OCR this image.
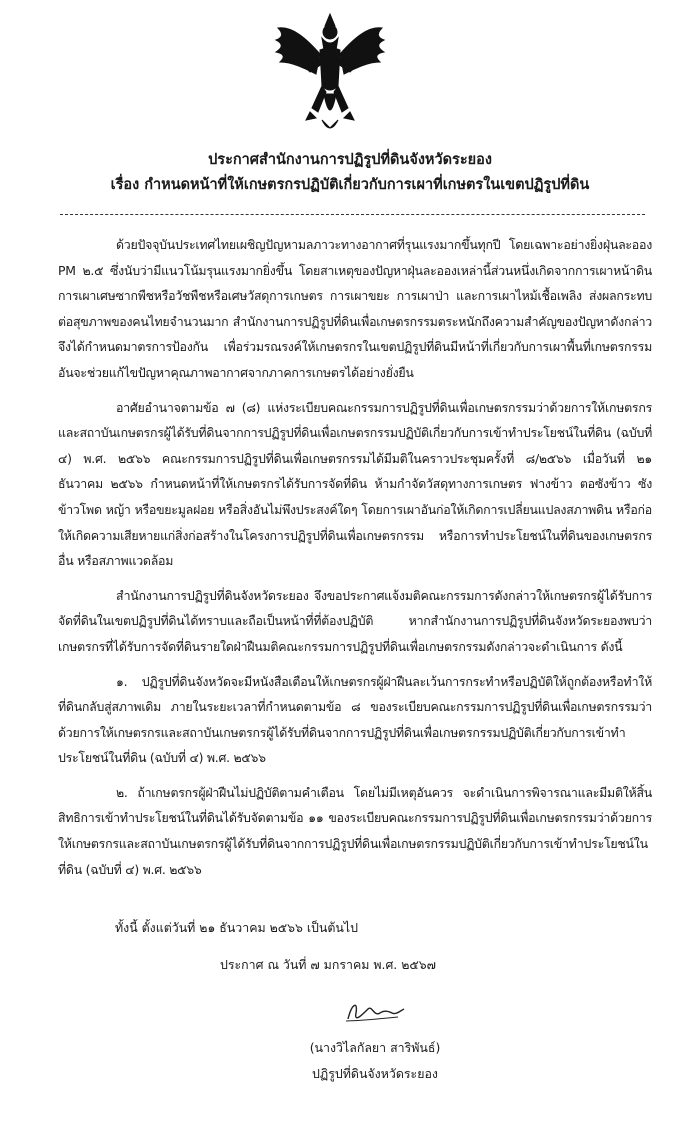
ประกาศสำนักงานการปฏิรูปที่ดินจังหวัดระยอง
เรื่อง กำหนดหน้าที่ให้เกษตรกรปฏิบัติเกี่ยวกับการเผาที่เกษตรในเขตปฏิรูปที่ดิน

ด้วยปัจจุบันประเทศไทยเผชิญปัญหามลภาวะทางอากาศที่รุนแรงมากขึ้นทุกปี โดยเฉพาะอย่างยิ่งฝุ่นละออง PM ๒.๕ ซึ่งนับว่ามีแนวโน้มรุนแรงมากยิ่งขึ้น โดยสาเหตุของปัญหาฝุ่นละอองเหล่านี้ส่วนหนึ่งเกิดจากการเผาหน้าดิน การเผาเศษซากพืชหรือวัชพืชหรือเศษวัสดุการเกษตร การเผาขยะ การเผาป่า และการเผาไหม้เชื้อเพลิง ส่งผลกระทบต่อสุขภาพของคนไทยจำนวนมาก สำนักงานการปฏิรูปที่ดินเพื่อเกษตรกรรมตระหนักถึงความสำคัญของปัญหาดังกล่าว จึงได้กำหนดมาตรการป้องกัน เพื่อร่วมรณรงค์ให้เกษตรกรในเขตปฏิรูปที่ดินมีหน้าที่เกี่ยวกับการเผาพื้นที่เกษตรกรรม อันจะช่วยแก้ไขปัญหาคุณภาพอากาศจากภาคการเกษตรได้อย่างยั่งยืน

อาศัยอำนาจตามข้อ ๗ (๘) แห่งระเบียบคณะกรรมการปฏิรูปที่ดินเพื่อเกษตรกรรมว่าด้วยการให้เกษตรกรและสถาบันเกษตรกรผู้ได้รับที่ดินจากการปฏิรูปที่ดินเพื่อเกษตรกรรมปฏิบัติเกี่ยวกับการเข้าทำประโยชน์ในที่ดิน (ฉบับที่ ๔) พ.ศ. ๒๕๖๖ คณะกรรมการปฏิรูปที่ดินเพื่อเกษตรกรรมได้มีมติในคราวประชุมครั้งที่ ๘/๒๕๖๖ เมื่อวันที่ ๒๑ ธันวาคม ๒๕๖๖ กำหนดหน้าที่ให้เกษตรกรได้รับการจัดที่ดิน ห้ามกำจัดวัสดุทางการเกษตร ฟางข้าว ตอซังข้าว ซังข้าวโพด หญ้า หรือขยะมูลฝอย หรือสิ่งอันไม่พึงประสงค์ใดๆ โดยการเผาอันก่อให้เกิดการเปลี่ยนแปลงสภาพดิน หรือก่อให้เกิดความเสียหายแก่สิ่งก่อสร้างในโครงการปฏิรูปที่ดินเพื่อเกษตรกรรม หรือการทำประโยชน์ในที่ดินของเกษตรกรอื่น หรือสภาพแวดล้อม

สำนักงานการปฏิรูปที่ดินจังหวัดระยอง จึงขอประกาศแจ้งมติคณะกรรมการดังกล่าวให้เกษตรกรผู้ได้รับการจัดที่ดินในเขตปฏิรูปที่ดินได้ทราบและถือเป็นหน้าที่ที่ต้องปฏิบัติ หากสำนักงานการปฏิรูปที่ดินจังหวัดระยองพบว่าเกษตรกรที่ได้รับการจัดที่ดินรายใดฝ่าฝืนมติคณะกรรมการปฏิรูปที่ดินเพื่อเกษตรกรรมดังกล่าวจะดำเนินการ ดังนี้

๑. ปฏิรูปที่ดินจังหวัดจะมีหนังสือเตือนให้เกษตรกรผู้ฝ่าฝืนละเว้นการกระทำหรือปฏิบัติให้ถูกต้องหรือทำให้ที่ดินกลับสู่สภาพเดิม ภายในระยะเวลาที่กำหนดตามข้อ ๘ ของระเบียบคณะกรรมการปฏิรูปที่ดินเพื่อเกษตรกรรมว่าด้วยการให้เกษตรกรและสถาบันเกษตรกรผู้ได้รับที่ดินจากการปฏิรูปที่ดินเพื่อเกษตรกรรมปฏิบัติเกี่ยวกับการเข้าทำประโยชน์ในที่ดิน (ฉบับที่ ๔) พ.ศ. ๒๕๖๖

๒. ถ้าเกษตรกรผู้ฝ่าฝืนไม่ปฏิบัติตามคำเตือน โดยไม่มีเหตุอันควร จะดำเนินการพิจารณาและมีมติให้สิ้นสิทธิการเข้าทำประโยชน์ในที่ดินได้รับจัดตามข้อ ๑๑ ของระเบียบคณะกรรมการปฏิรูปที่ดินเพื่อเกษตรกรรมว่าด้วยการให้เกษตรกรและสถาบันเกษตรกรผู้ได้รับที่ดินจากการปฏิรูปที่ดินเพื่อเกษตรกรรมปฏิบัติเกี่ยวกับการเข้าทำประโยชน์ในที่ดิน (ฉบับที่ ๔) พ.ศ. ๒๕๖๖

ทั้งนี้ ตั้งแต่วันที่ ๒๑ ธันวาคม ๒๕๖๖ เป็นต้นไป
ประกาศ ณ วันที่ ๗ มกราคม พ.ศ. ๒๕๖๗
(นางวิไลกัลยา สาริพันธ์)
ปฏิรูปที่ดินจังหวัดระยอง
